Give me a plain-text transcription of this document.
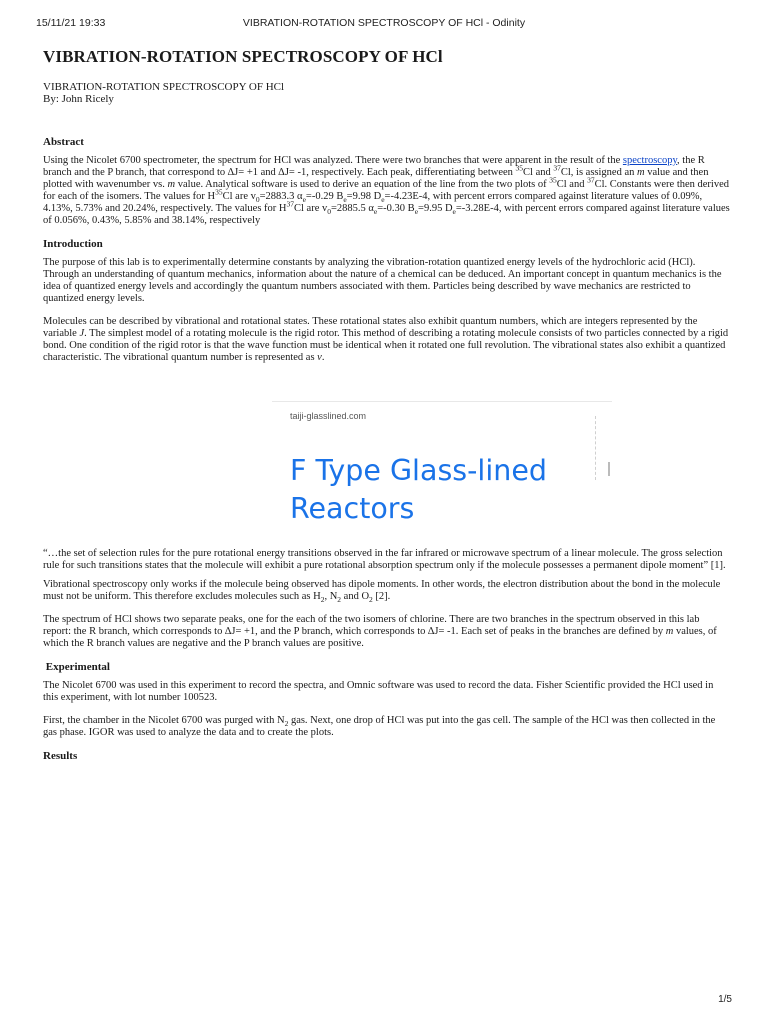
15/11/21 19:33	VIBRATION-ROTATION SPECTROSCOPY OF HCl - Odinity
VIBRATION-ROTATION SPECTROSCOPY OF HCl

VIBRATION-ROTATION SPECTROSCOPY OF HCl

By: John Ricely

Abstract

Using the Nicolet 6700 spectrometer, the spectrum for HCl was analyzed. There were two branches that were apparent in the result of the spectroscopy, the R branch and the P branch, that correspond to ∆J= +1 and ∆J= -1, respectively. Each peak, differentiating between $^{35}$Cl and $^{37}$Cl, is assigned an m value and then plotted with wavenumber vs. m value. Analytical software is used to derive an equation of the line from the two plots of $^{35}$Cl and $^{37}$Cl. Constants were then derived for each of the isomers. The values for $H^{35}Cl$ are $v_0=2883.3$ $\alpha_e=-0.29$ $B_e=9.98$ $D_e=-4.23E-4$, with percent errors compared against literature values of 0.09%, 4.13%, 5.73% and 20.24%, respectively. The values for $H^{37}Cl$ are $v_0=2885.5$ $\alpha_e=-0.30$ $B_e=9.95$ $D_e=-3.28E-4$, with percent errors compared against literature values of 0.056%, 0.43%, 5.85% and 38.14%, respectively

Introduction

The purpose of this lab is to experimentally determine constants by analyzing the vibration-rotation quantized energy levels of the hydrochloric acid (HCl). Through an understanding of quantum mechanics, information about the nature of a chemical can be deduced. An important concept in quantum mechanics is the idea of quantized energy levels and accordingly the quantum numbers associated with them. Particles being described by wave mechanics are restricted to quantized energy levels.

Molecules can be described by vibrational and rotational states. These rotational states also exhibit quantum numbers, which are integers represented by the variable J. The simplest model of a rotating molecule is the rigid rotor. This method of describing a rotating molecule consists of two particles connected by a rigid bond. One condition of the rigid rotor is that the wave function must be identical when it rotated one full revolution. The vibrational states also exhibit a quantized characteristic. The vibrational quantum number is represented as v.

taiji-glasslined.com
F Type Glass-lined Reactors

“…the set of selection rules for the pure rotational energy transitions observed in the far infrared or microwave spectrum of a linear molecule. The gross selection rule for such transitions states that the molecule will exhibit a pure rotational absorption spectrum only if the molecule possesses a permanent dipole moment” [1].

Vibrational spectroscopy only works if the molecule being observed has dipole moments. In other words, the electron distribution about the bond in the molecule must not be uniform. This therefore excludes molecules such as $H_2$, $N_2$ and $O_2$ [2].

The spectrum of HCl shows two separate peaks, one for the each of the two isomers of chlorine. There are two branches in the spectrum observed in this lab report: the R branch, which corresponds to ∆J= +1, and the P branch, which corresponds to ∆J= -1. Each set of peaks in the branches are defined by m values, of which the R branch values are negative and the P branch values are positive.

Experimental

The Nicolet 6700 was used in this experiment to record the spectra, and Omnic software was used to record the data. Fisher Scientific provided the HCl used in this experiment, with lot number 100523.

First, the chamber in the Nicolet 6700 was purged with $N_2$ gas. Next, one drop of HCl was put into the gas cell. The sample of the HCl was then collected in the gas phase. IGOR was used to analyze the data and to create the plots.

Results
1/5
